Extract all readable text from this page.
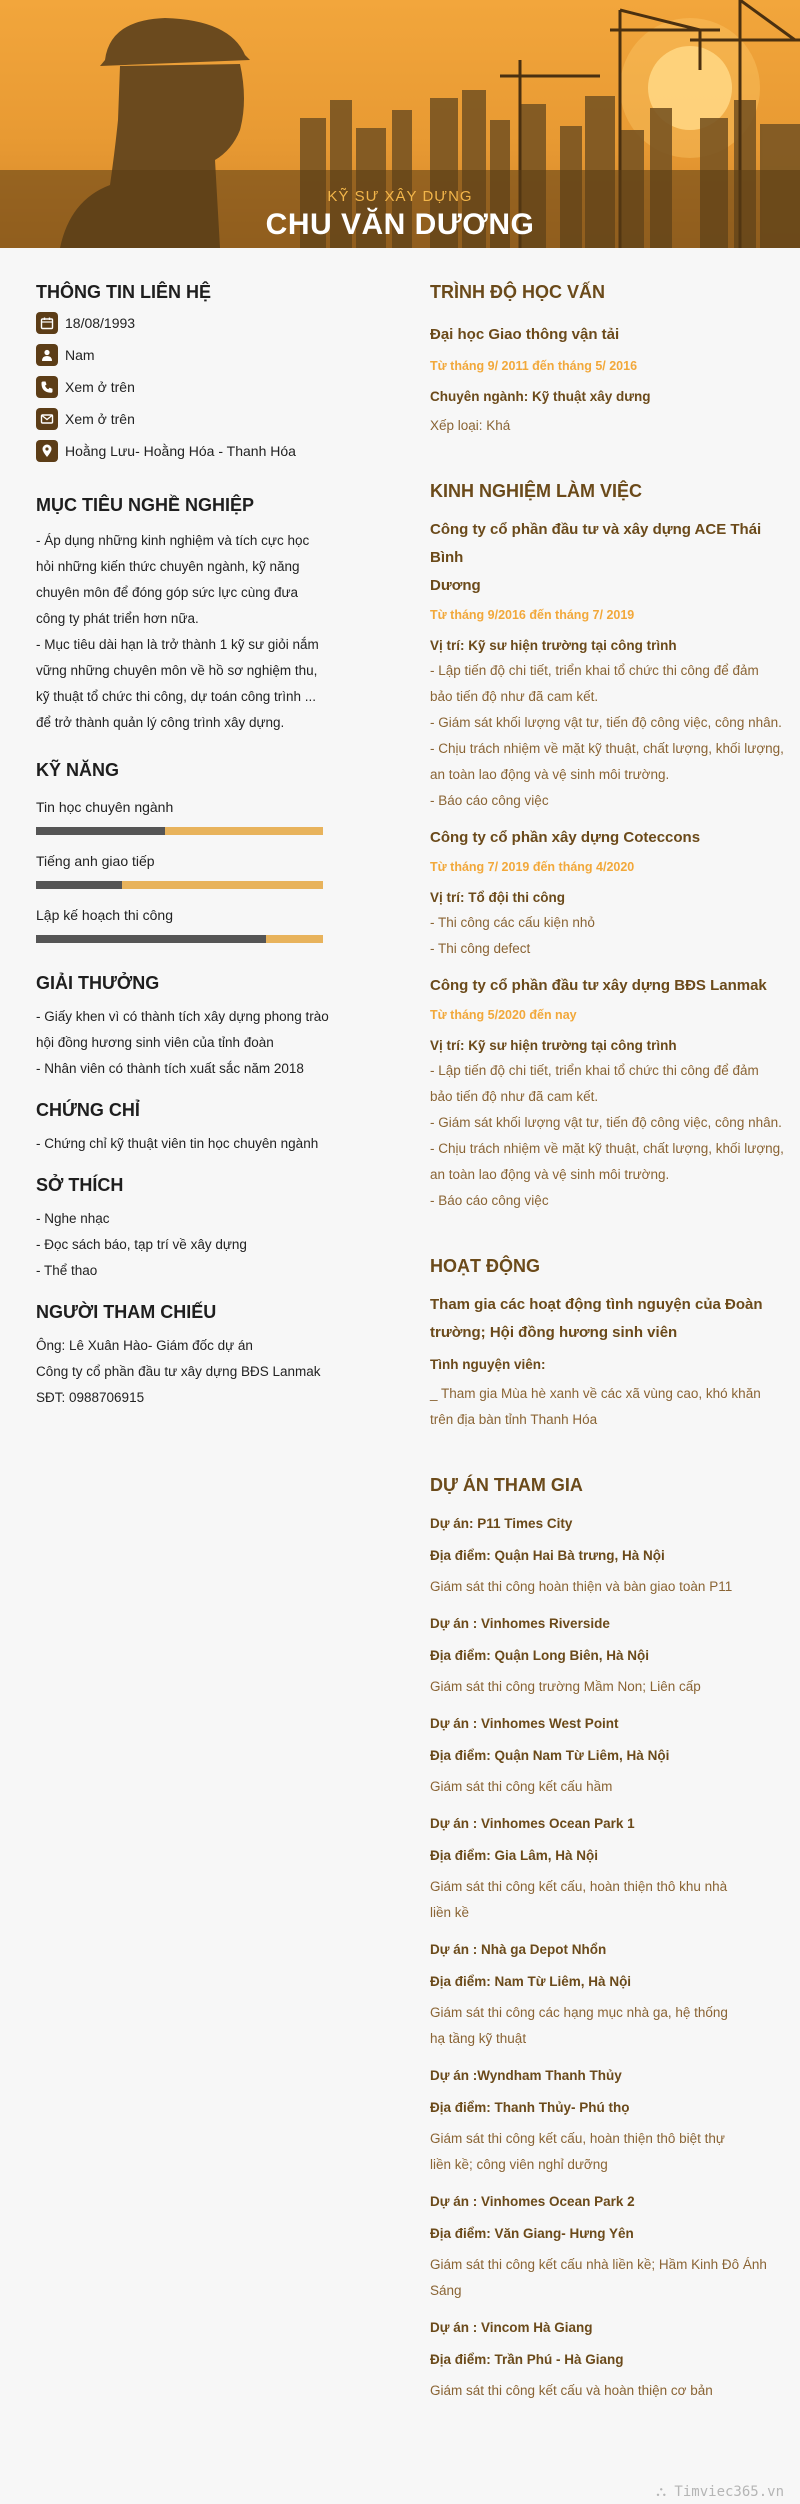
KỸ SƯ XÂY DỰNG
CHU VĂN DƯƠNG
THÔNG TIN LIÊN HỆ
18/08/1993
Nam
Xem ở trên
Xem ở trên
Hoằng Lưu- Hoằng Hóa - Thanh Hóa
MỤC TIÊU NGHỀ NGHIỆP
- Áp dụng những kinh nghiệm và tích cực học
hỏi những kiến thức chuyên ngành, kỹ năng
chuyên môn để đóng góp sức lực cùng đưa
công ty phát triển hơn nữa.
- Mục tiêu dài hạn là trở thành 1 kỹ sư giỏi nắm
vững những chuyên môn về hồ sơ nghiệm thu,
kỹ thuật tổ chức thi công, dự toán công trình ...
để trở thành quản lý công trình xây dựng.
KỸ NĂNG
Tin học chuyên ngành
Tiếng anh giao tiếp
Lập kế hoạch thi công
GIẢI THƯỞNG
- Giấy khen vì có thành tích xây dựng phong trào
hội đồng hương sinh viên của tỉnh đoàn
- Nhân viên có thành tích xuất sắc năm 2018
CHỨNG CHỈ
- Chứng chỉ kỹ thuật viên tin học chuyên ngành
SỞ THÍCH
- Nghe nhạc
- Đọc sách báo, tạp trí về xây dựng
- Thể thao
NGƯỜI THAM CHIẾU
Ông: Lê Xuân Hào- Giám đốc dự án
Công ty cổ phần đầu tư xây dựng BĐS Lanmak
SĐT: 0988706915
TRÌNH ĐỘ HỌC VẤN
Đại học Giao thông vận tải
Từ tháng 9/ 2011 đến tháng 5/ 2016
Chuyên ngành: Kỹ thuật xây dưng
Xếp loại: Khá
KINH NGHIỆM LÀM VIỆC
Công ty cổ phần đầu tư và xây dựng ACE Thái Bình
Dương
Từ tháng 9/2016 đến tháng 7/ 2019
Vị trí: Kỹ sư hiện trường tại công trình
- Lập tiến độ chi tiết, triển khai tổ chức thi công để đảm
bảo tiến độ như đã cam kết.
- Giám sát khối lượng vật tư, tiến độ công việc, công nhân.
- Chịu trách nhiệm về mặt kỹ thuật, chất lượng, khối lượng,
an toàn lao động và vệ sinh môi trường.
- Báo cáo công việc
Công ty cổ phần xây dựng Coteccons
Từ tháng 7/ 2019 đến tháng 4/2020
Vị trí: Tổ đội thi công
- Thi công các cấu kiện nhỏ
- Thi công defect
Công ty cổ phần đầu tư xây dựng BĐS Lanmak
Từ tháng 5/2020 đến nay
Vị trí: Kỹ sư hiện trường tại công trình
- Lập tiến độ chi tiết, triển khai tổ chức thi công để đảm
bảo tiến độ như đã cam kết.
- Giám sát khối lượng vật tư, tiến độ công việc, công nhân.
- Chịu trách nhiệm về mặt kỹ thuật, chất lượng, khối lượng,
an toàn lao động và vệ sinh môi trường.
- Báo cáo công việc
HOẠT ĐỘNG
Tham gia các hoạt động tình nguyện của Đoàn
trường; Hội đồng hương sinh viên
Tình nguyện viên:
_ Tham gia Mùa hè xanh về các xã vùng cao, khó khăn
trên địa bàn tỉnh Thanh Hóa
DỰ ÁN THAM GIA
Dự án: P11 Times City
Địa điểm: Quận Hai Bà trưng, Hà Nội
Giám sát thi công hoàn thiện và bàn giao toàn P11
Dự án : Vinhomes Riverside
Địa điểm: Quận Long Biên, Hà Nội
Giám sát thi công trường Mầm Non; Liên cấp
Dự án : Vinhomes West Point
Địa điểm: Quận Nam Từ Liêm, Hà Nội
Giám sát thi công kết cấu hầm
Dự án : Vinhomes Ocean Park 1
Địa điểm: Gia Lâm, Hà Nội
Giám sát thi công kết cấu, hoàn thiện thô khu nhà
liền kề
Dự án : Nhà ga Depot Nhổn
Địa điểm: Nam Từ Liêm, Hà Nội
Giám sát thi công các hạng mục nhà ga, hệ thống
hạ tầng kỹ thuật
Dự án :Wyndham Thanh Thủy
Địa điểm: Thanh Thủy- Phú thọ
Giám sát thi công kết cấu, hoàn thiện thô biệt thự
liền kề; công viên nghỉ dưỡng
Dự án : Vinhomes Ocean Park 2
Địa điểm: Văn Giang- Hưng Yên
Giám sát thi công kết cấu nhà liền kề; Hầm Kinh Đô Ánh
Sáng
Dự án : Vincom Hà Giang
Địa điểm: Trần Phú - Hà Giang
Giám sát thi công kết cấu và hoàn thiện cơ bản
⛬ Timviec365.vn
